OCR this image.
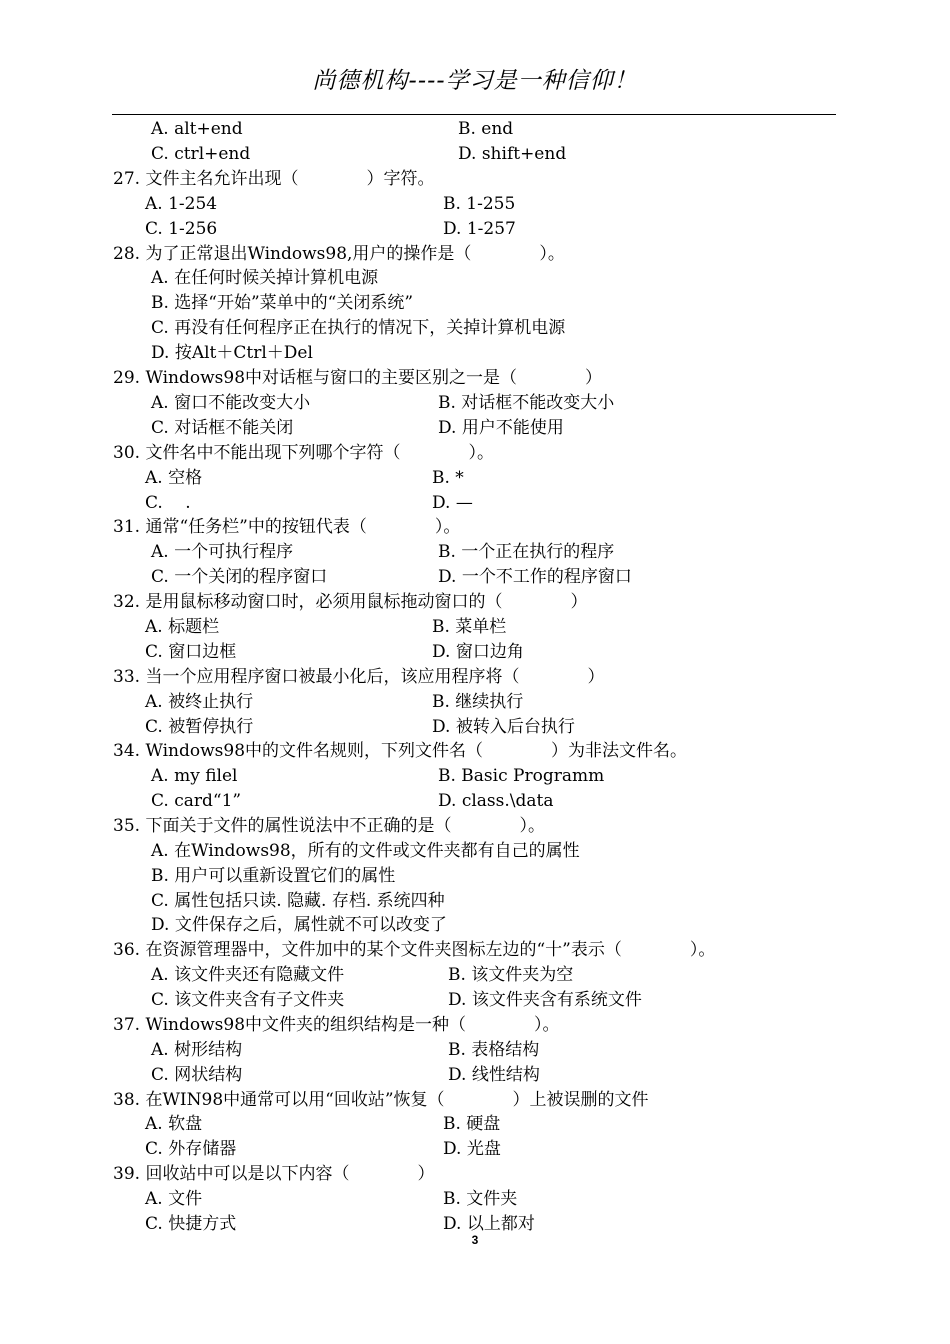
尚德机构----学习是一种信仰！
A. alt+end	B. end
C. ctrl+end	D. shift+end
27. 文件主名允许出现（　　　　）字符。
A. 1-254	B. 1-255
C. 1-256	D. 1-257
28. 为了正常退出Windows98,用户的操作是（　　　　）。
A. 在任何时候关掉计算机电源
B. 选择“开始”菜单中的“关闭系统”
C. 再没有任何程序正在执行的情况下，关掉计算机电源
D. 按Alt＋Ctrl＋Del
29. Windows98中对话框与窗口的主要区别之一是（　　　　）
A. 窗口不能改变大小	B. 对话框不能改变大小
C. 对话框不能关闭	D. 用户不能使用
30. 文件名中不能出现下列哪个字符（　　　　）。
A. 空格	B. *
C. 　.	D. —
31. 通常“任务栏”中的按钮代表（　　　　）。
A. 一个可执行程序	B. 一个正在执行的程序
C. 一个关闭的程序窗口	D. 一个不工作的程序窗口
32. 是用鼠标移动窗口时，必须用鼠标拖动窗口的（　　　　）
A. 标题栏	B. 菜单栏
C. 窗口边框	D. 窗口边角
33. 当一个应用程序窗口被最小化后，该应用程序将（　　　　）
A. 被终止执行	B. 继续执行
C. 被暂停执行	D. 被转入后台执行
34. Windows98中的文件名规则，下列文件名（　　　　）为非法文件名。
A. my filel	B. Basic Programm
C. card“1”	D. class.\data
35. 下面关于文件的属性说法中不正确的是（　　　　）。
A. 在Windows98，所有的文件或文件夹都有自己的属性
B. 用户可以重新设置它们的属性
C. 属性包括只读. 隐藏. 存档. 系统四种
D. 文件保存之后，属性就不可以改变了
36. 在资源管理器中，文件加中的某个文件夹图标左边的“十”表示（　　　　）。
A. 该文件夹还有隐藏文件	B. 该文件夹为空
C. 该文件夹含有子文件夹	D. 该文件夹含有系统文件
37. Windows98中文件夹的组织结构是一种（　　　　）。
A. 树形结构	B. 表格结构
C. 网状结构	D. 线性结构
38. 在WIN98中通常可以用“回收站”恢复（　　　　）上被误删的文件
A. 软盘	B. 硬盘
C. 外存储器	D. 光盘
39. 回收站中可以是以下内容（　　　　）
A. 文件	B. 文件夹
C. 快捷方式	D. 以上都对
3
